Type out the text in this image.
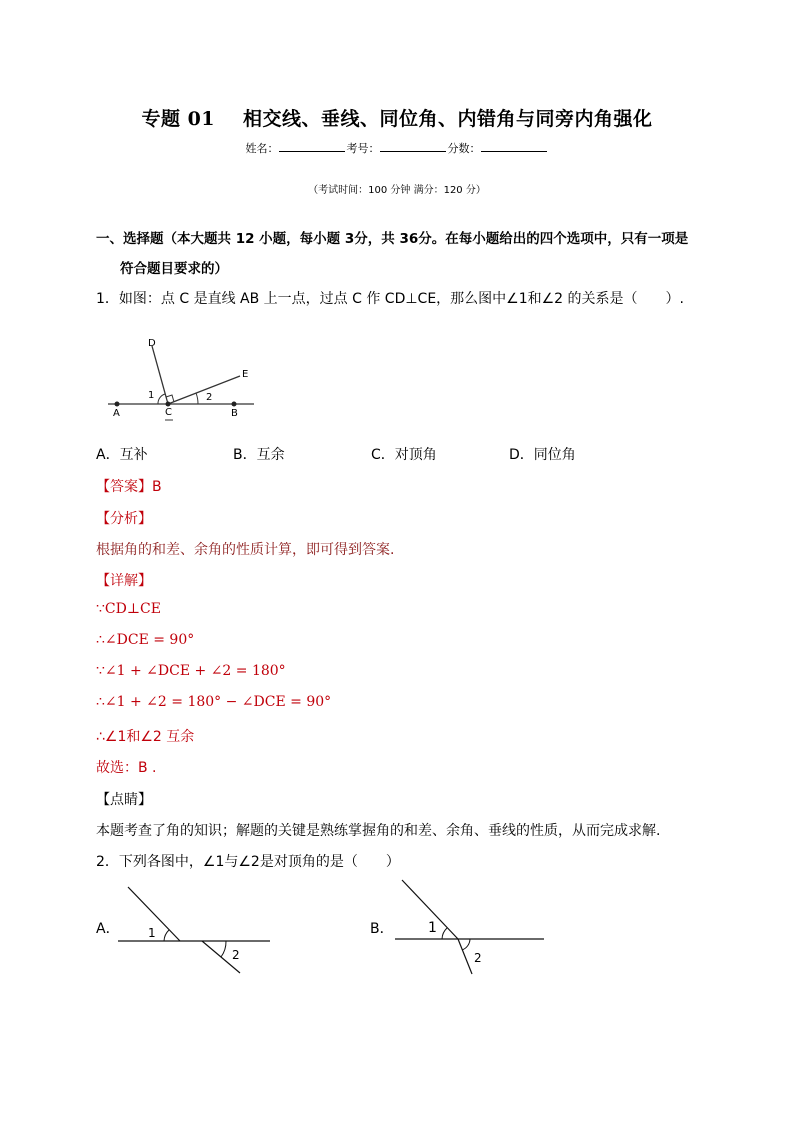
专题 01 相交线、垂线、同位角、内错角与同旁内角强化
姓名：	考号：	分数：
（考试时间：100 分钟 满分：120 分）
一、选择题（本大题共 12 小题，每小题 3分，共 36分。在每小题给出的四个选项中，只有一项是
符合题目要求的）
1．如图：点 C 是直线 AB 上一点，过点 C 作 CD⊥CE，那么图中∠1和∠2 的关系是（　　）.
D
E
A	C	B
1	2
A．互补	B．互余	C．对顶角	D．同位角
【答案】B
【分析】
根据角的和差、余角的性质计算，即可得到答案.
【详解】
∵CD⊥CE
∴∠DCE = 90°
∵∠1 + ∠DCE + ∠2 = 180°
∴∠1 + ∠2 = 180° − ∠DCE = 90°
∴∠1和∠2 互余
故选：B .
【点睛】
本题考查了角的知识；解题的关键是熟练掌握角的和差、余角、垂线的性质，从而完成求解.
2．下列各图中，∠1与∠2是对顶角的是（　　）
A． 1
2
B． 1
2
